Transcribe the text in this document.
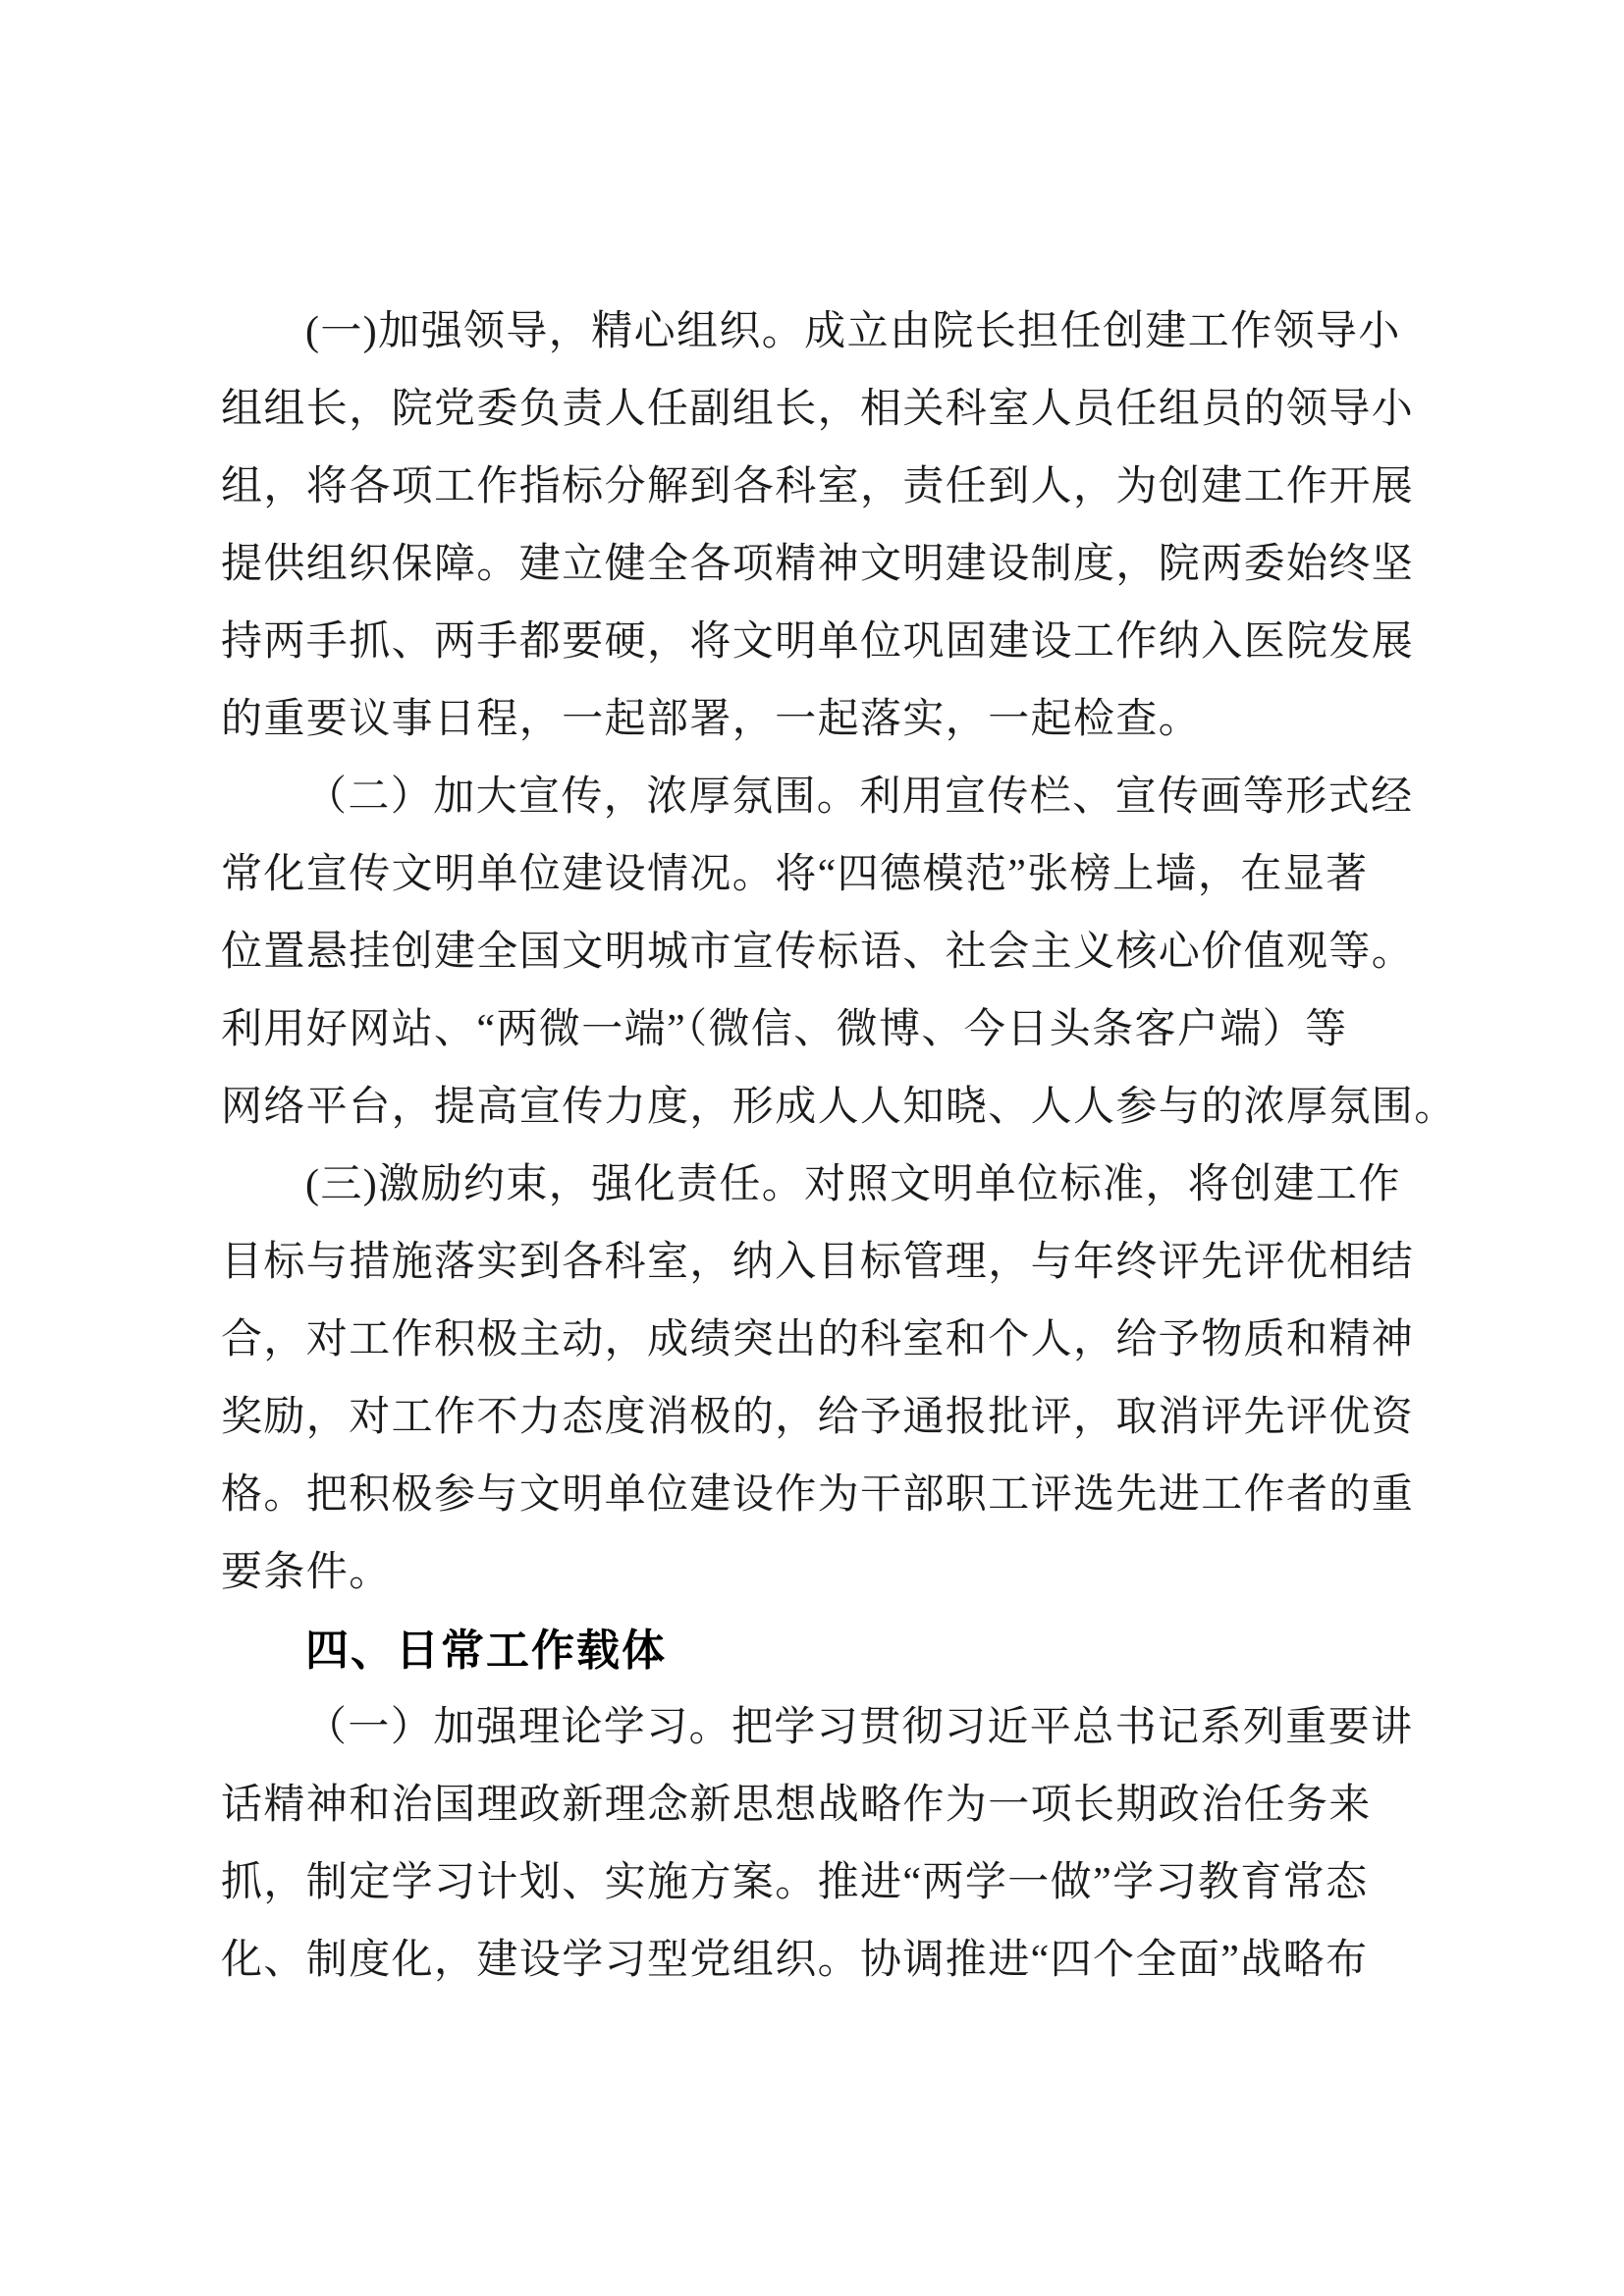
(一)加强领导，精心组织。成立由院长担任创建工作领导小
组组长，院党委负责人任副组长，相关科室人员任组员的领导小
组，将各项工作指标分解到各科室，责任到人，为创建工作开展
提供组织保障。建立健全各项精神文明建设制度，院两委始终坚
持两手抓、两手都要硬，将文明单位巩固建设工作纳入医院发展
的重要议事日程，一起部署，一起落实，一起检查。
（二）加大宣传，浓厚氛围。利用宣传栏、宣传画等形式经
常化宣传文明单位建设情况。将“四德模范”张榜上墙，在显著
位置悬挂创建全国文明城市宣传标语、社会主义核心价值观等。
利用好网站、“两微一端”（微信、微博、今日头条客户端）等
网络平台，提高宣传力度，形成人人知晓、人人参与的浓厚氛围。
(三)激励约束，强化责任。对照文明单位标准，将创建工作
目标与措施落实到各科室，纳入目标管理，与年终评先评优相结
合，对工作积极主动，成绩突出的科室和个人，给予物质和精神
奖励，对工作不力态度消极的，给予通报批评，取消评先评优资
格。把积极参与文明单位建设作为干部职工评选先进工作者的重
要条件。
四、日常工作载体
（一）加强理论学习。把学习贯彻习近平总书记系列重要讲
话精神和治国理政新理念新思想战略作为一项长期政治任务来
抓，制定学习计划、实施方案。推进“两学一做”学习教育常态
化、制度化，建设学习型党组织。协调推进“四个全面”战略布
